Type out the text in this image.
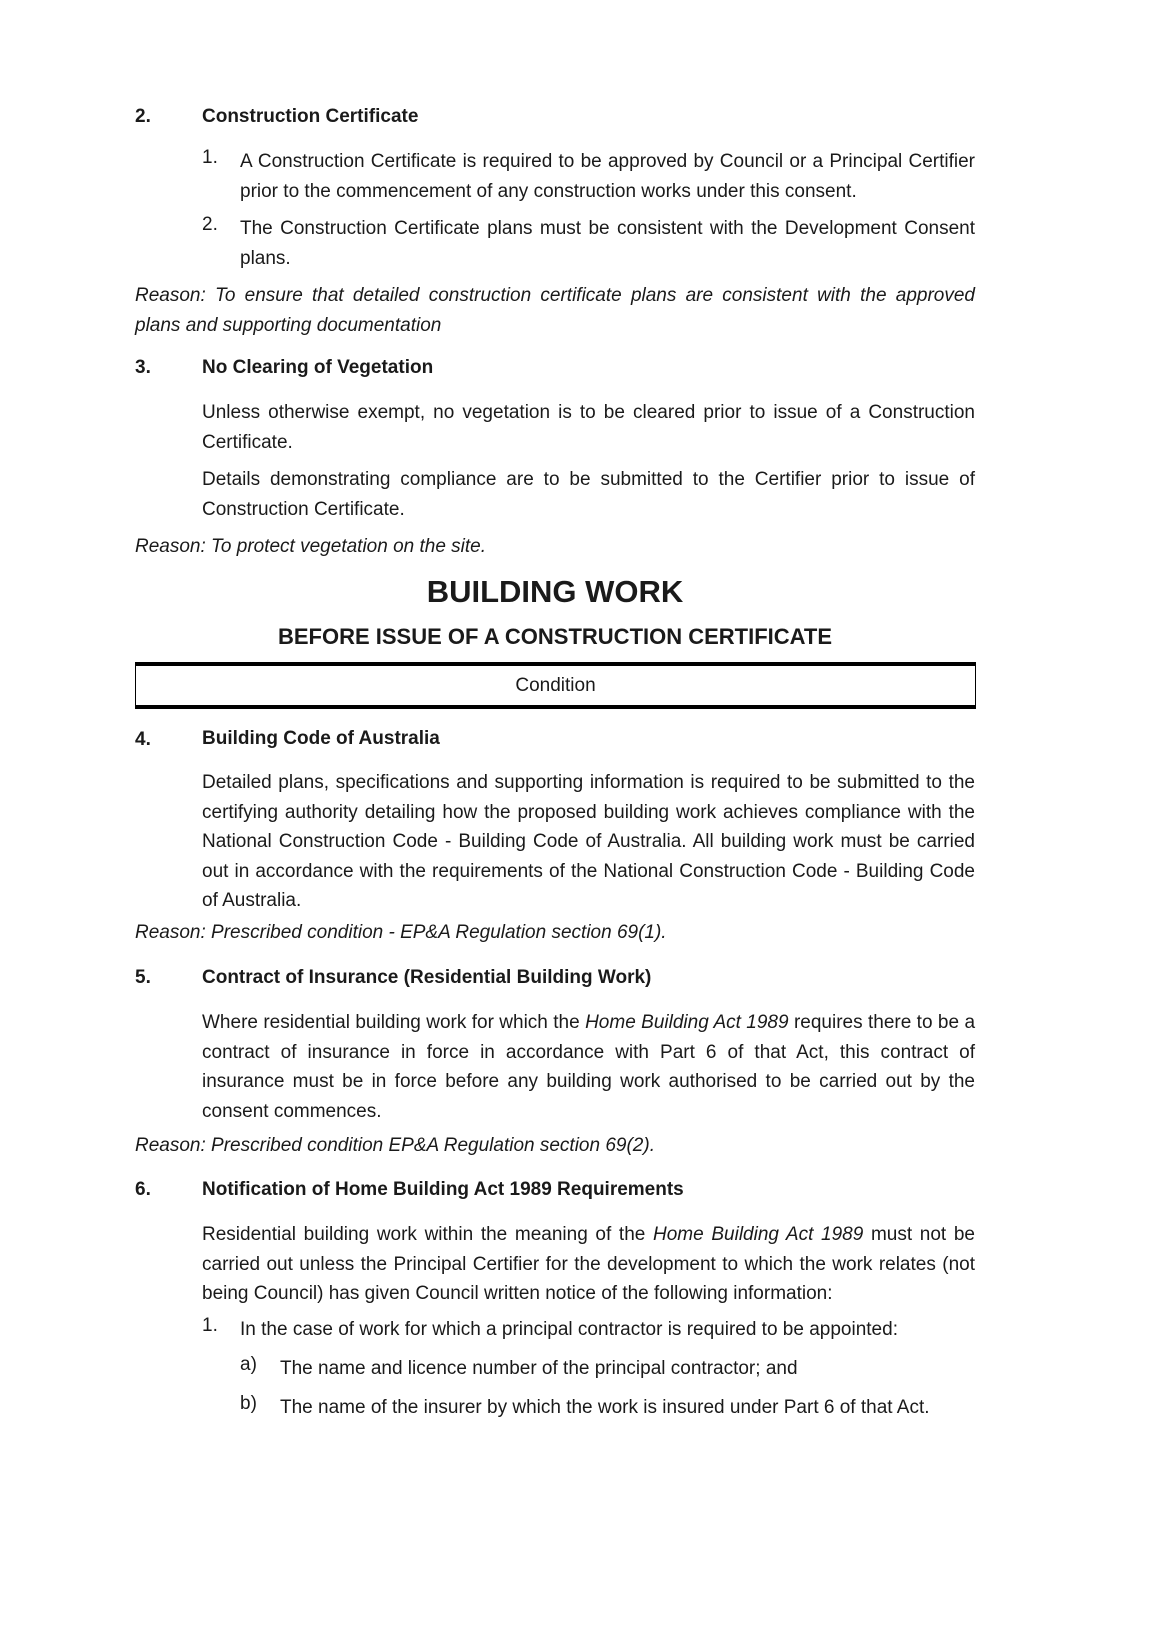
2.	Construction Certificate
1. A Construction Certificate is required to be approved by Council or a Principal Certifier prior to the commencement of any construction works under this consent.
2. The Construction Certificate plans must be consistent with the Development Consent plans.
Reason: To ensure that detailed construction certificate plans are consistent with the approved plans and supporting documentation
3.	No Clearing of Vegetation
Unless otherwise exempt, no vegetation is to be cleared prior to issue of a Construction Certificate.
Details demonstrating compliance are to be submitted to the Certifier prior to issue of Construction Certificate.
Reason: To protect vegetation on the site.
BUILDING WORK
BEFORE ISSUE OF A CONSTRUCTION CERTIFICATE
Condition
4.	Building Code of Australia
Detailed plans, specifications and supporting information is required to be submitted to the certifying authority detailing how the proposed building work achieves compliance with the National Construction Code - Building Code of Australia. All building work must be carried out in accordance with the requirements of the National Construction Code - Building Code of Australia.
Reason: Prescribed condition - EP&A Regulation section 69(1).
5.	Contract of Insurance (Residential Building Work)
Where residential building work for which the Home Building Act 1989 requires there to be a contract of insurance in force in accordance with Part 6 of that Act, this contract of insurance must be in force before any building work authorised to be carried out by the consent commences.
Reason: Prescribed condition EP&A Regulation section 69(2).
6.	Notification of Home Building Act 1989 Requirements
Residential building work within the meaning of the Home Building Act 1989 must not be carried out unless the Principal Certifier for the development to which the work relates (not being Council) has given Council written notice of the following information:
1. In the case of work for which a principal contractor is required to be appointed:
a) The name and licence number of the principal contractor; and
b) The name of the insurer by which the work is insured under Part 6 of that Act.
